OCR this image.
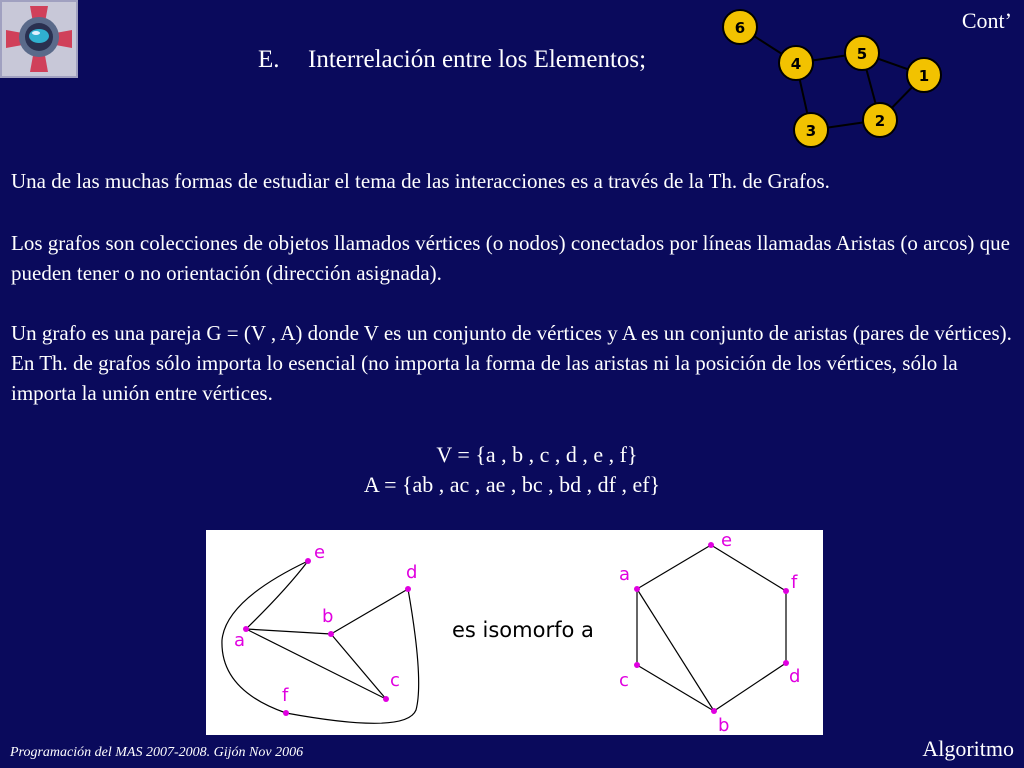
Cont’
E. Interrelación entre los Elementos;
6
5
4
1
2
3

Una de las muchas formas de estudiar el tema de las interacciones es a través de la Th. de Grafos.

Los grafos son colecciones de objetos llamados vértices (o nodos) conectados por líneas llamadas Aristas (o arcos) que pueden tener o no orientación (dirección asignada).

Un grafo es una pareja G = (V , A) donde V es un conjunto de vértices y A es un conjunto de aristas (pares de vértices). En Th. de grafos sólo importa lo esencial (no importa la forma de las aristas ni la posición de los vértices, sólo la importa la unión entre vértices.

V = {a , b , c , d , e , f}
A = {ab , ac , ae , bc , bd , df , ef}
e
d
b
a
c
f
es isomorfo a
e
a	f
c	d
b
Programación del MAS 2007-2008. Gijón Nov 2006	Algoritmo
